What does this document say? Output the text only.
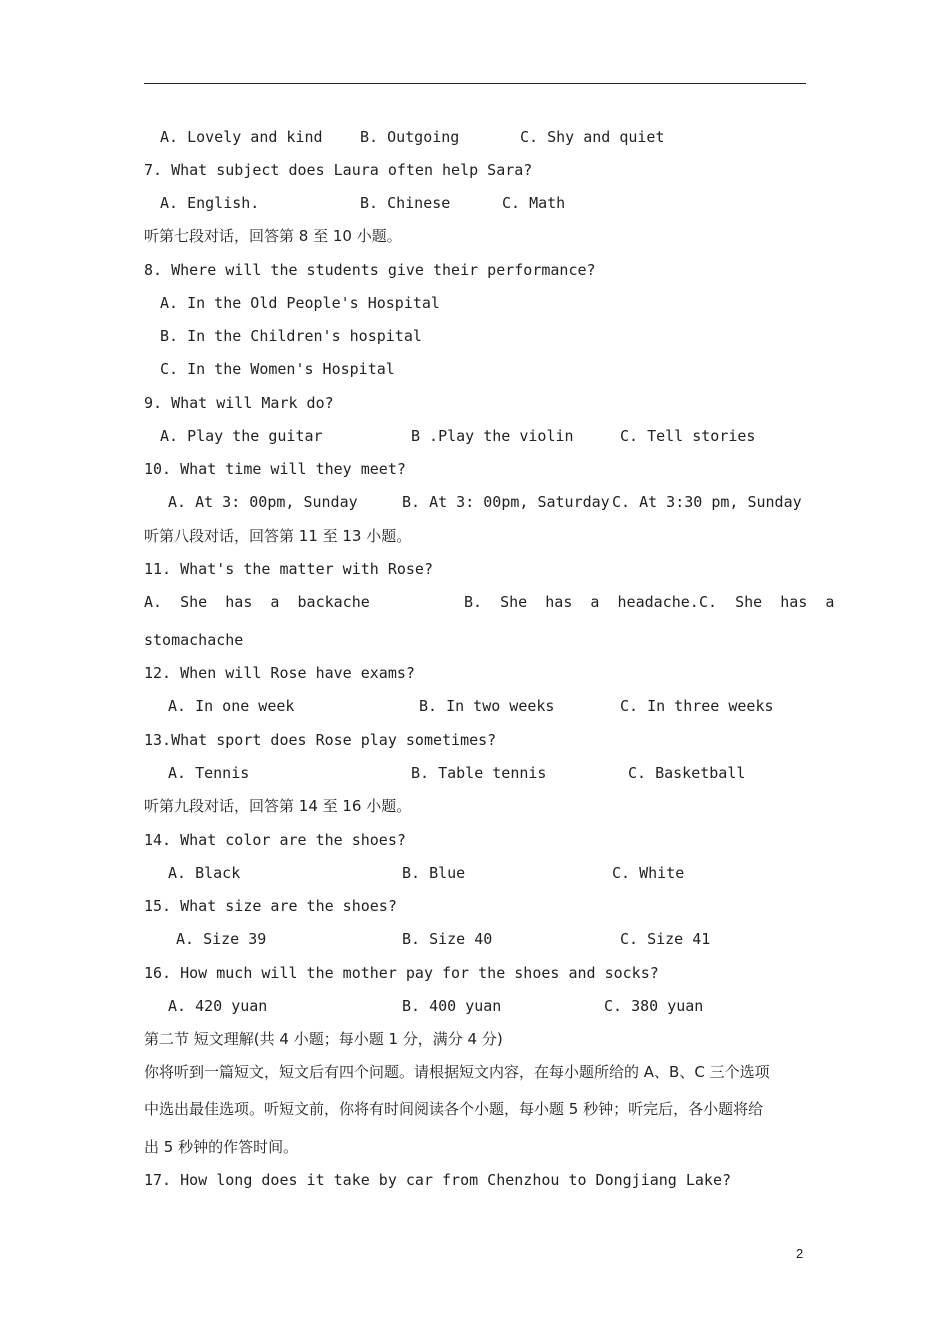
A. Lovely and kind B. Outgoing	C. Shy and quiet
7. What subject does Laura often help Sara?
A. English.	B. Chinese	C. Math
听第七段对话，回答第 8 至 10 小题。
8. Where will the students give their performance?
A. In the Old People's Hospital
B. In the Children's hospital
C. In the Women's Hospital
9. What will Mark do?
A. Play the guitar	B .Play the violin	C. Tell stories
10. What time will they meet?
A. At 3: 00pm, Sunday	B. At 3: 00pm, Saturday C. At 3:30 pm, Sunday
听第八段对话，回答第 11 至 13 小题。
11. What's the matter with Rose?
A.  She  has  a  backache	B.  She  has  a  headache. C.  She  has  a
stomachache
12. When will Rose have exams?
A. In one week	B. In two weeks	C. In three weeks
13.What sport does Rose play sometimes?
A. Tennis	B. Table tennis	C. Basketball
听第九段对话，回答第 14 至 16 小题。
14. What color are the shoes?
A. Black	B. Blue	C. White
15. What size are the shoes?
A. Size 39	B. Size 40	C. Size 41
16. How much will the mother pay for the shoes and socks?
A. 420 yuan	B. 400 yuan	C. 380 yuan
第二节 短文理解(共 4 小题；每小题 1 分，满分 4 分)
你将听到一篇短文，短文后有四个问题。请根据短文内容，在每小题所给的 A、B、C 三个选项
中选出最佳选项。听短文前，你将有时间阅读各个小题，每小题 5 秒钟；听完后，各小题将给
出 5 秒钟的作答时间。
17. How long does it take by car from Chenzhou to Dongjiang Lake?
2
